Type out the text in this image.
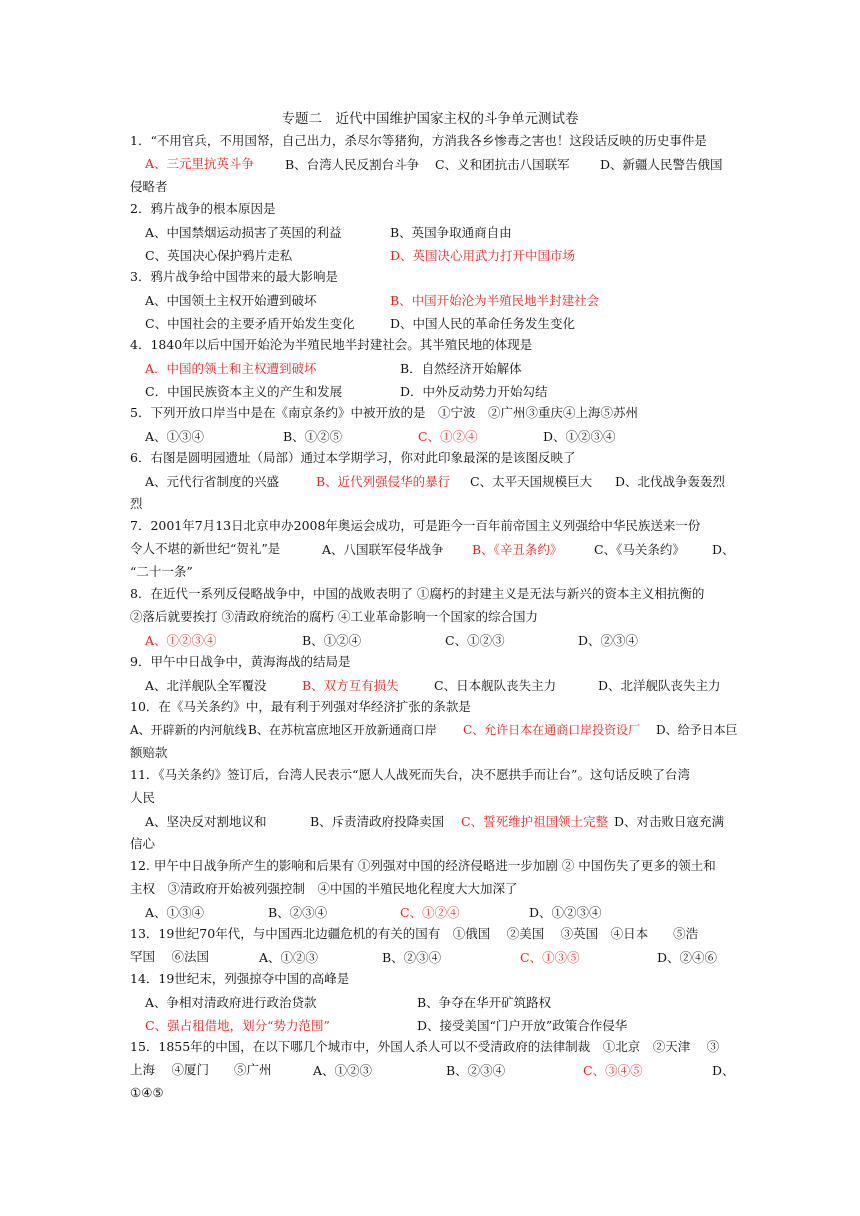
专题二　近代中国维护国家主权的斗争单元测试卷
1．“不用官兵，不用国帑，自己出力，杀尽尔等猪狗，方消我各乡惨毒之害也！这段话反映的历史事件是
A、三元里抗英斗争 B、台湾人民反割台斗争 C、义和团抗击八国联军 D、新疆人民警告俄国
侵略者
2．鸦片战争的根本原因是
A、中国禁烟运动损害了英国的利益	B、英国争取通商自由
C、英国决心保护鸦片走私	D、英国决心用武力打开中国市场
3．鸦片战争给中国带来的最大影响是
A、中国领土主权开始遭到破坏	B、中国开始沦为半殖民地半封建社会
C、中国社会的主要矛盾开始发生变化	D、中国人民的革命任务发生变化
4．1840年以后中国开始沦为半殖民地半封建社会。其半殖民地的体现是
A．中国的领土和主权遭到破坏	B．自然经济开始解体
C．中国民族资本主义的产生和发展	D．中外反动势力开始勾结
5．下列开放口岸当中是在《南京条约》中被开放的是　①宁波　②广州③重庆④上海⑤苏州
A、①③④	B、①②⑤	C、①②④	D、①②③④
6．右图是圆明园遗址（局部）通过本学期学习，你对此印象最深的是该图反映了
A、元代行省制度的兴盛	B、近代列强侵华的暴行 C、太平天国规模巨大 D、北伐战争轰轰烈
烈
7．2001年7月13日北京申办2008年奥运会成功，可是距今一百年前帝国主义列强给中华民族送来一份
令人不堪的新世纪“贺礼”是	A、八国联军侵华战争 B、《辛丑条约》	C、《马关条约》 D、
“二十一条”
8．在近代一系列反侵略战争中，中国的战败表明了 ①腐朽的封建主义是无法与新兴的资本主义相抗衡的
②落后就要挨打 ③清政府统治的腐朽 ④工业革命影响一个国家的综合国力
A、①②③④	B、①②④	C、①②③	D、②③④
9．甲午中日战争中，黄海海战的结局是
A、北洋舰队全军覆没	B、双方互有损失	C、日本舰队丧失主力	D、北洋舰队丧失主力
10．在《马关条约》中，最有利于列强对华经济扩张的条款是
A、开辟新的内河航线 B、在苏杭富庶地区开放新通商口岸 C、允许日本在通商口岸投资设厂 D、给予日本巨
额赔款
11．《马关条约》签订后，台湾人民表示“愿人人战死而失台，决不愿拱手而让台”。这句话反映了台湾
人民
A、坚决反对割地议和	B、斥责清政府投降卖国 C、誓死维护祖国领土完整 D、对击败日寇充满
信心
12. 甲午中日战争所产生的影响和后果有 ①列强对中国的经济侵略进一步加剧 ② 中国伤失了更多的领土和
主权　③清政府开始被列强控制　④中国的半殖民地化程度大大加深了
A、①③④	B、②③④	C、①②④	D、①②③④
13．19世纪70年代，与中国西北边疆危机的有关的国有　①俄国　 ②美国　 ③英国　④日本　　⑤浩
罕国　 ⑥法国	A、①②③	B、②③④	C、①③⑤	D、②④⑥
14．19世纪末，列强掠夺中国的高峰是
A、争相对清政府进行政治贷款	B、争夺在华开矿筑路权
C、强占租借地，划分“势力范围”	D、接受美国“门户开放”政策合作侵华
15．1855年的中国，在以下哪几个城市中，外国人杀人可以不受清政府的法律制裁　①北京　②天津　 ③
上海　 ④厦门　　⑤广州	A、①②③	B、②③④	C、③④⑤	D、
①④⑤
